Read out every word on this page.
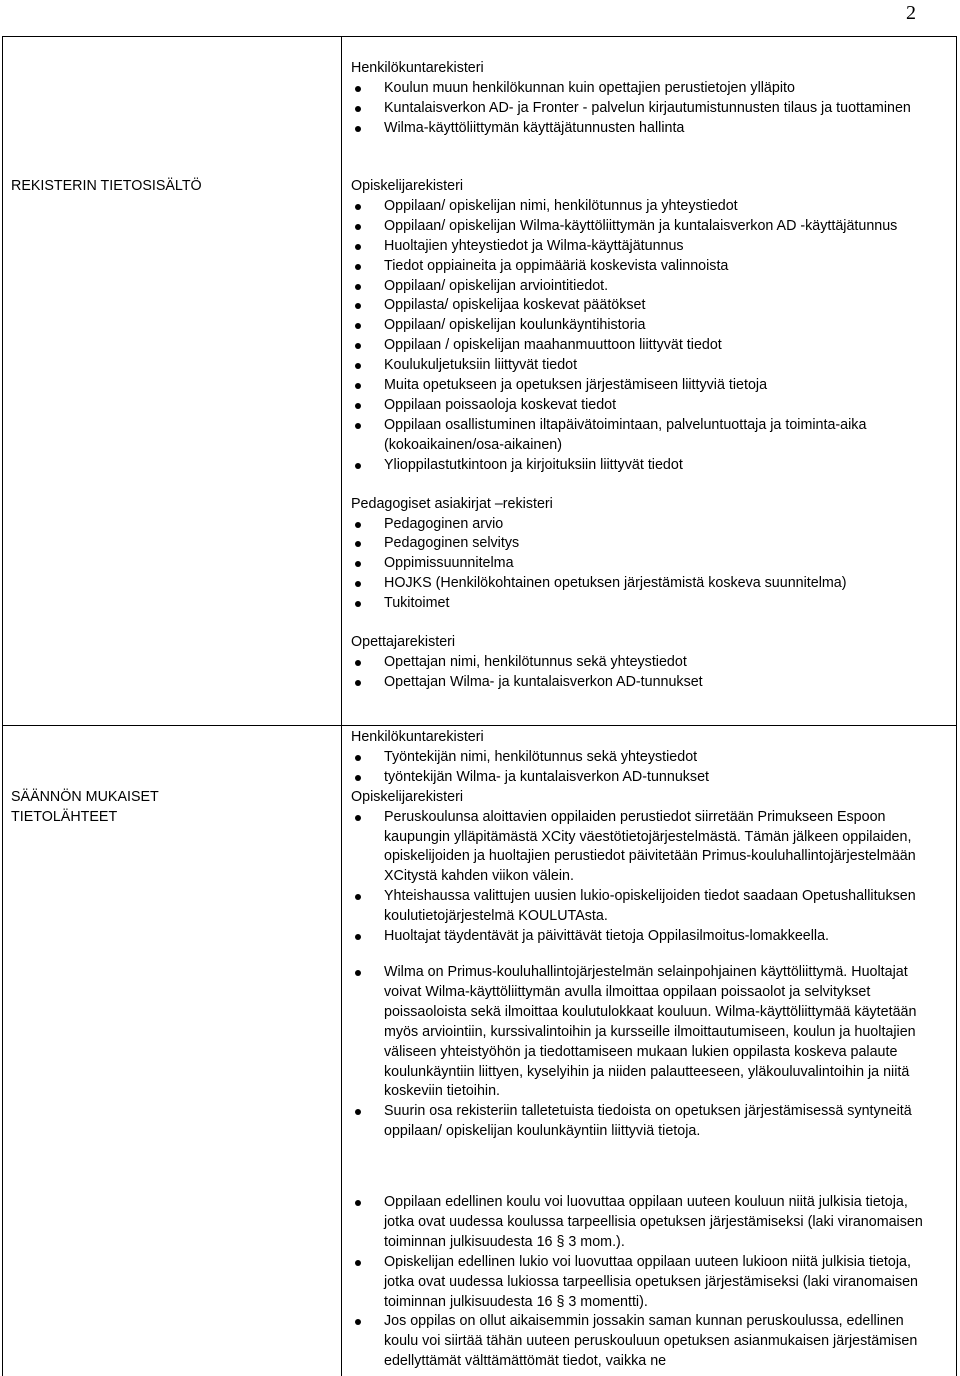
2
Henkilökuntarekisteri
Koulun muun henkilökunnan kuin opettajien perustietojen ylläpito
Kuntalaisverkon AD- ja Fronter - palvelun kirjautumistunnusten tilaus ja tuottaminen
Wilma-käyttöliittymän käyttäjätunnusten hallinta
REKISTERIN TIETOSISÄLTÖ	Opiskelijarekisteri
Oppilaan/ opiskelijan nimi, henkilötunnus ja yhteystiedot
Oppilaan/ opiskelijan Wilma-käyttöliittymän ja kuntalaisverkon AD -käyttäjätunnus
Huoltajien yhteystiedot ja Wilma-käyttäjätunnus
Tiedot oppiaineita ja oppimääriä koskevista valinnoista
Oppilaan/ opiskelijan arviointitiedot.
Oppilasta/ opiskelijaa koskevat päätökset
Oppilaan/ opiskelijan koulunkäyntihistoria
Oppilaan / opiskelijan maahanmuuttoon liittyvät tiedot
Koulukuljetuksiin liittyvät tiedot
Muita opetukseen ja opetuksen järjestämiseen liittyviä tietoja
Oppilaan poissaoloja koskevat tiedot
Oppilaan osallistuminen iltapäivätoimintaan, palveluntuottaja ja toiminta-aika (kokoaikainen/osa-aikainen)
Ylioppilastutkintoon ja kirjoituksiin liittyvät tiedot
Pedagogiset asiakirjat –rekisteri
Pedagoginen arvio
Pedagoginen selvitys
Oppimissuunnitelma
HOJKS (Henkilökohtainen opetuksen järjestämistä koskeva suunnitelma)
Tukitoimet
Opettajarekisteri
Opettajan nimi, henkilötunnus sekä yhteystiedot
Opettajan Wilma- ja kuntalaisverkon AD-tunnukset
SÄÄNNÖN MUKAISET TIETOLÄHTEET
Henkilökuntarekisteri
Työntekijän nimi, henkilötunnus sekä yhteystiedot
työntekijän Wilma- ja kuntalaisverkon AD-tunnukset
Opiskelijarekisteri
Peruskoulunsa aloittavien oppilaiden perustiedot siirretään Primukseen Espoon kaupungin ylläpitämästä XCity väestötietojärjestelmästä. Tämän jälkeen oppilaiden, opiskelijoiden ja huoltajien perustiedot päivitetään Primus-kouluhallintojärjestelmään XCitystä kahden viikon välein.
Yhteishaussa valittujen uusien lukio-opiskelijoiden tiedot saadaan Opetushallituksen koulutietojärjestelmä KOULUTAsta.
Huoltajat täydentävät ja päivittävät tietoja Oppilasilmoitus-lomakkeella.
Wilma on Primus-kouluhallintojärjestelmän selainpohjainen käyttöliittymä. Huoltajat voivat Wilma-käyttöliittymän avulla ilmoittaa oppilaan poissaolot ja selvitykset poissaoloista sekä ilmoittaa koulutulokkaat kouluun. Wilma-käyttöliittymää käytetään myös arviointiin, kurssivalintoihin ja kursseille ilmoittautumiseen, koulun ja huoltajien väliseen yhteistyöhön ja tiedottamiseen mukaan lukien oppilasta koskeva palaute koulunkäyntiin liittyen, kyselyihin ja niiden palautteeseen, yläkouluvalintoihin ja niitä koskeviin tietoihin.
Suurin osa rekisteriin talletetuista tiedoista on opetuksen järjestämisessä syntyneitä oppilaan/ opiskelijan koulunkäyntiin liittyviä tietoja.
Oppilaan edellinen koulu voi luovuttaa oppilaan uuteen kouluun niitä julkisia tietoja, jotka ovat uudessa koulussa tarpeellisia opetuksen järjestämiseksi (laki viranomaisen toiminnan julkisuudesta 16 § 3 mom.).
Opiskelijan edellinen lukio voi luovuttaa oppilaan uuteen lukioon niitä julkisia tietoja, jotka ovat uudessa lukiossa tarpeellisia opetuksen järjestämiseksi (laki viranomaisen toiminnan julkisuudesta 16 § 3 momentti).
Jos oppilas on ollut aikaisemmin jossakin saman kunnan peruskoulussa, edellinen koulu voi siirtää tähän uuteen peruskouluun opetuksen asianmukaisen järjestämisen edellyttämät välttämättömät tiedot, vaikka ne
